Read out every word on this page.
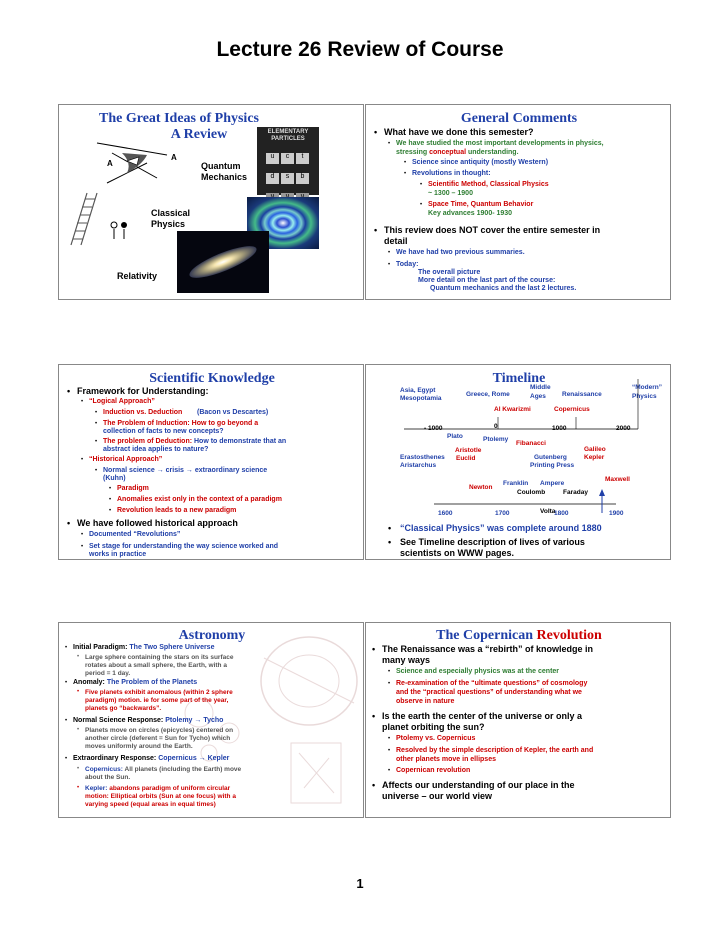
Lecture 26 Review of Course
The Great Ideas of Physics
A Review
A
A
Quantum
Mechanics
ELEMENTARY
PARTICLES
u c t d s b
Classical
Physics
Relativity
General Comments
• What have we done this semester?
• We have studied the most important developments in physics,
stressing conceptual understanding.
• Science since antiquity (mostly Western)
• Revolutions in thought:
• Scientific Method, Classical Physics
~ 1300 – 1900
• Space Time, Quantum Behavior
Key advances 1900- 1930
• This review does NOT cover the entire semester in
detail
• We have had two previous summaries.
• Today:
The overall picture
More detail on the last part of the course:
Quantum mechanics and the last 2 lectures.
Scientific Knowledge
• Framework for Understanding:
• “Logical Approach”
• Induction vs. Deduction (Bacon vs Descartes)
• The Problem of Induction: How to go beyond a
collection of facts to new concepts?
• The problem of Deduction: How to demonstrate that an
abstract idea applies to nature?
• “Historical Approach”
• Normal science → crisis → extraordinary science
(Kuhn)
• Paradigm
• Anomalies exist only in the context of a paradigm
• Revolution leads to a new paradigm
• We have followed historical approach
• Documented “Revolutions”
• Set stage for understanding the way science worked and
works in practice
Timeline
Asia, Egypt
Mesopotamia
Greece, Rome
Middle
Ages Renaissance
“Modern”
Physics
Al Kwarizmi	Copernicus
- 1000	0	1000	2000
Plato	Ptolemy
Fibanacci
Aristotle	Galileo
Erastosthenes Euclid	Gutenberg	Kepler
Aristarchus	Printing Press
Franklin Ampere
Maxwell
Newton
Coulomb	Faraday
Volta
1600	1700	1800	1900
• “Classical Physics” was complete around 1880
• See Timeline description of lives of various
scientists on WWW pages.
Astronomy
• Initial Paradigm: The Two Sphere Universe
• Large sphere containing the stars on its surface
rotates about a small sphere, the Earth, with a
period = 1 day.
• Anomaly: The Problem of the Planets
• Five planets exhibit anomalous (within 2 sphere
paradigm) motion. ie for some part of the year,
planets go “backwards”.
• Normal Science Response: Ptolemy → Tycho
• Planets move on circles (epicycles) centered on
another circle (deferent = Sun for Tycho) which
moves uniformly around the Earth.
• Extraordinary Response: Copernicus → Kepler
• Copernicus: All planets (including the Earth) move
about the Sun.
• Kepler: abandons paradigm of uniform circular
motion: Elliptical orbits (Sun at one focus) with a
varying speed (equal areas in equal times)
The Copernican Revolution
• The Renaissance was a “rebirth” of knowledge in
many ways
• Science and especially physics was at the center
• Re-examination of the “ultimate questions” of cosmology
and the “practical questions” of understanding what we
observe in nature
• Is the earth the center of the universe or only a
planet orbiting the sun?
• Ptolemy vs. Copernicus
• Resolved by the simple description of Kepler, the earth and
other planets move in ellipses
• Copernican revolution
• Affects our understanding of our place in the
universe – our world view
1
